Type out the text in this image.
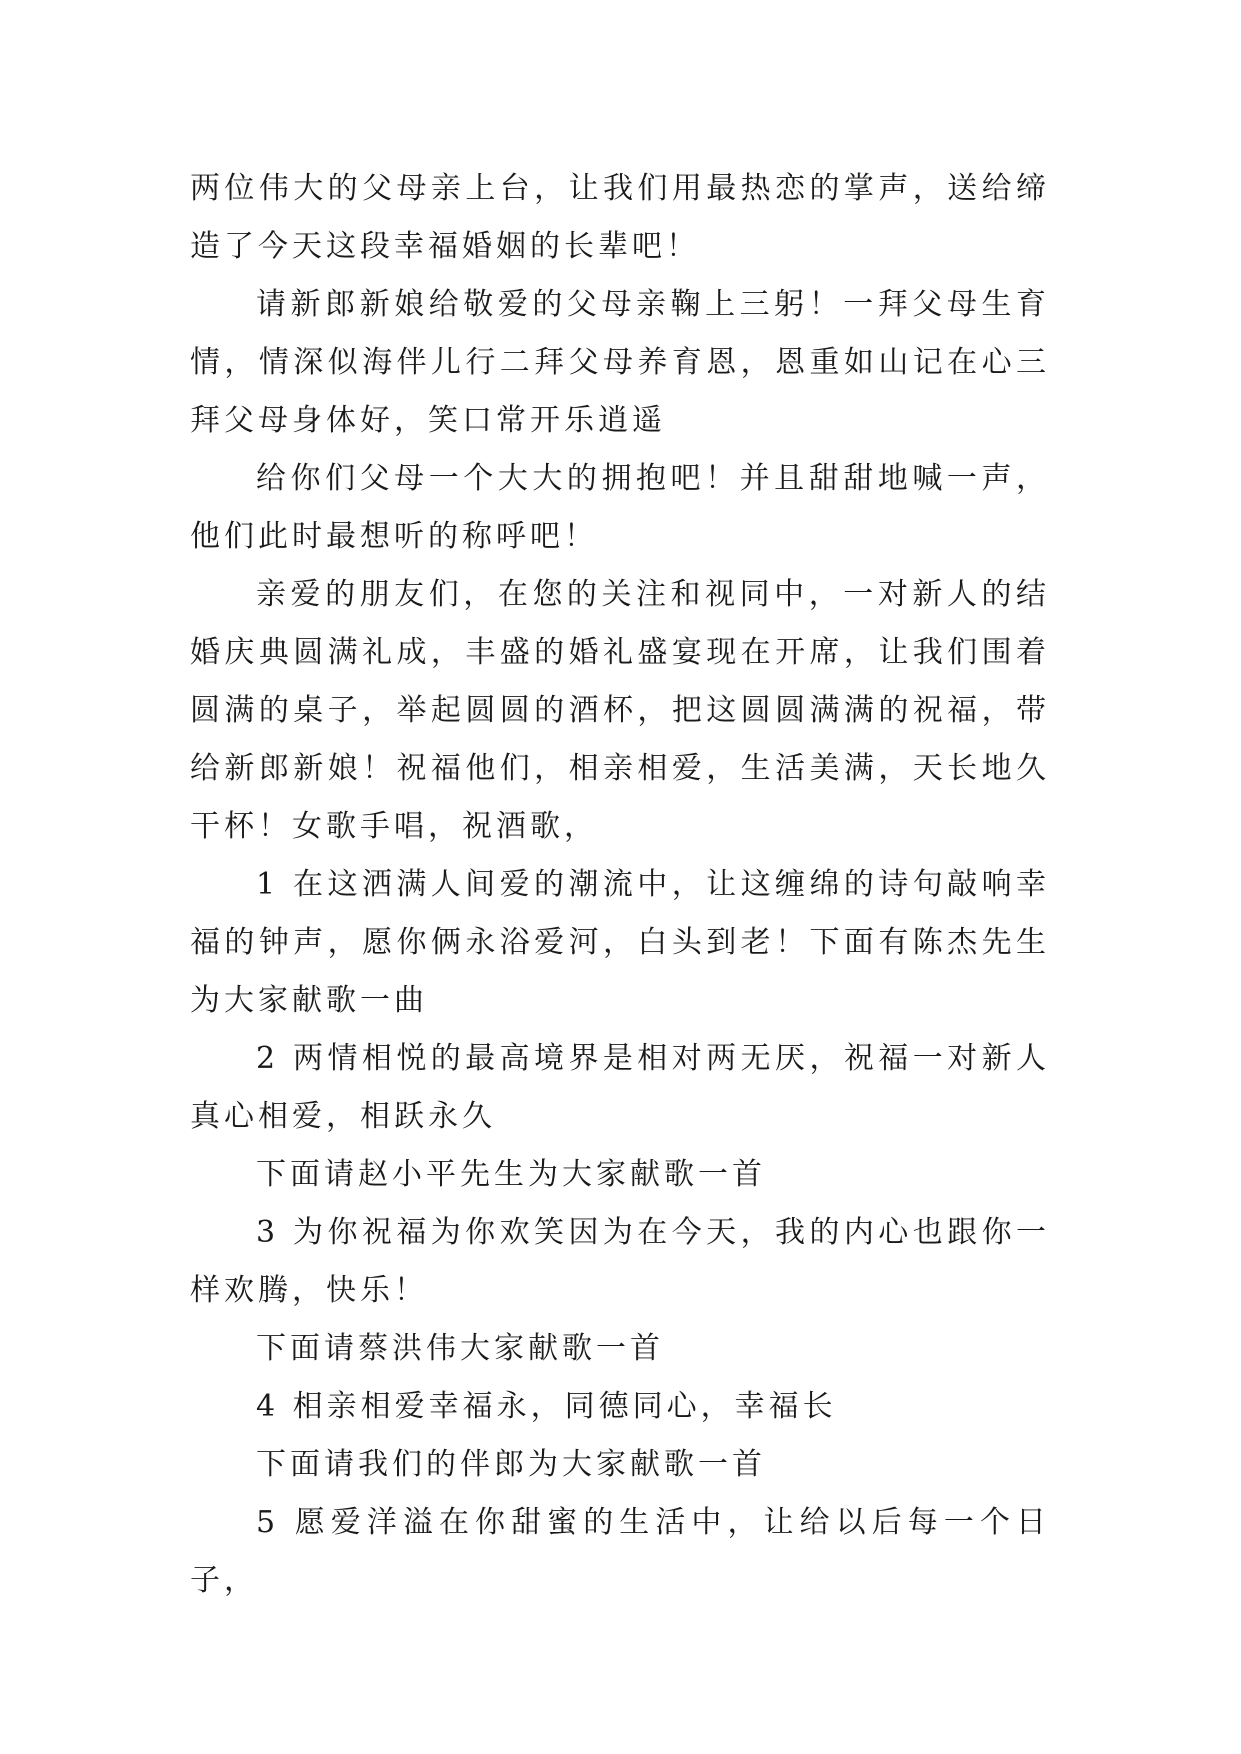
两位伟大的父母亲上台，让我们用最热恋的掌声，送给缔造了今天这段幸福婚姻的长辈吧！

请新郎新娘给敬爱的父母亲鞠上三躬！一拜父母生育情，情深似海伴儿行二拜父母养育恩，恩重如山记在心三拜父母身体好，笑口常开乐逍遥

给你们父母一个大大的拥抱吧！并且甜甜地喊一声，他们此时最想听的称呼吧！

亲爱的朋友们，在您的关注和视同中，一对新人的结婚庆典圆满礼成，丰盛的婚礼盛宴现在开席，让我们围着圆满的桌子，举起圆圆的酒杯，把这圆圆满满的祝福，带给新郎新娘！祝福他们，相亲相爱，生活美满，天长地久干杯！女歌手唱，祝酒歌，

1 在这洒满人间爱的潮流中，让这缠绵的诗句敲响幸福的钟声，愿你俩永浴爱河，白头到老！下面有陈杰先生为大家献歌一曲

2 两情相悦的最高境界是相对两无厌，祝福一对新人真心相爱，相跃永久

下面请赵小平先生为大家献歌一首

3 为你祝福为你欢笑因为在今天，我的内心也跟你一样欢腾，快乐！

下面请蔡洪伟大家献歌一首

4 相亲相爱幸福永，同德同心，幸福长

下面请我们的伴郎为大家献歌一首

5 愿爱洋溢在你甜蜜的生活中，让给以后每一个日子，
